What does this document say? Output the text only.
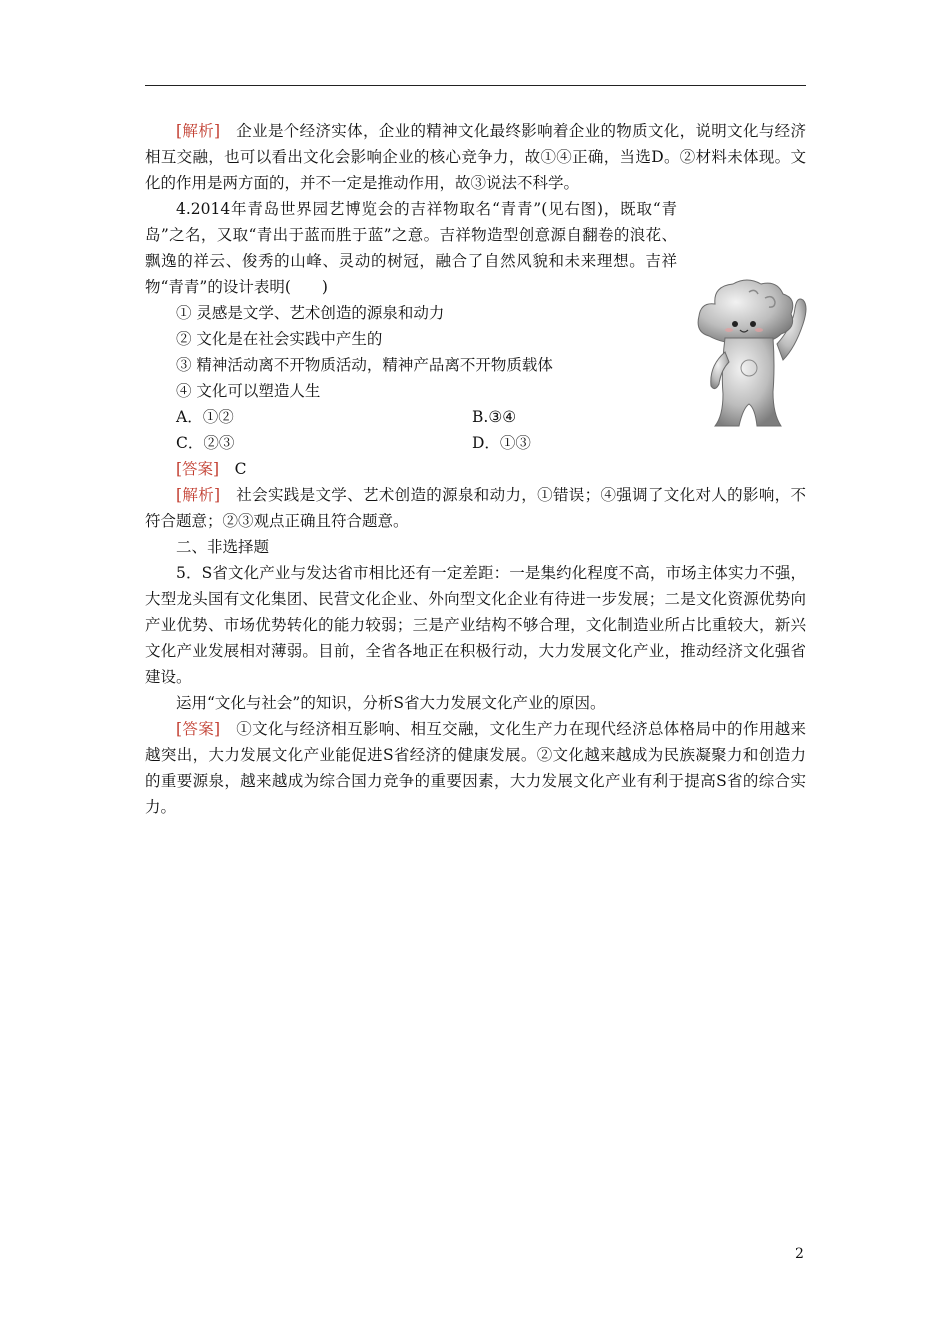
[解析]　企业是个经济实体，企业的精神文化最终影响着企业的物质文化，说明文化与经济相互交融，也可以看出文化会影响企业的核心竞争力，故①④正确，当选D。②材料未体现。文化的作用是两方面的，并不一定是推动作用，故③说法不科学。

4.2014年青岛世界园艺博览会的吉祥物取名“青青”(见右图)，既取“青岛”之名，又取“青出于蓝而胜于蓝”之意。吉祥物造型创意源自翻卷的浪花、飘逸的祥云、俊秀的山峰、灵动的树冠，融合了自然风貌和未来理想。吉祥物“青青”的设计表明(　　)

① 灵感是文学、艺术创造的源泉和动力

② 文化是在社会实践中产生的

③ 精神活动离不开物质活动，精神产品离不开物质载体

④ 文化可以塑造人生

A．①②	B.③④
C．②③	D．①③

[答案]　C

[解析]　社会实践是文学、艺术创造的源泉和动力，①错误；④强调了文化对人的影响，不符合题意；②③观点正确且符合题意。

二、非选择题

5．S省文化产业与发达省市相比还有一定差距：一是集约化程度不高，市场主体实力不强，大型龙头国有文化集团、民营文化企业、外向型文化企业有待进一步发展；二是文化资源优势向产业优势、市场优势转化的能力较弱；三是产业结构不够合理，文化制造业所占比重较大，新兴文化产业发展相对薄弱。目前，全省各地正在积极行动，大力发展文化产业，推动经济文化强省建设。

运用“文化与社会”的知识，分析S省大力发展文化产业的原因。

[答案]　①文化与经济相互影响、相互交融，文化生产力在现代经济总体格局中的作用越来越突出，大力发展文化产业能促进S省经济的健康发展。②文化越来越成为民族凝聚力和创造力的重要源泉，越来越成为综合国力竞争的重要因素，大力发展文化产业有利于提高S省的综合实力。

2
